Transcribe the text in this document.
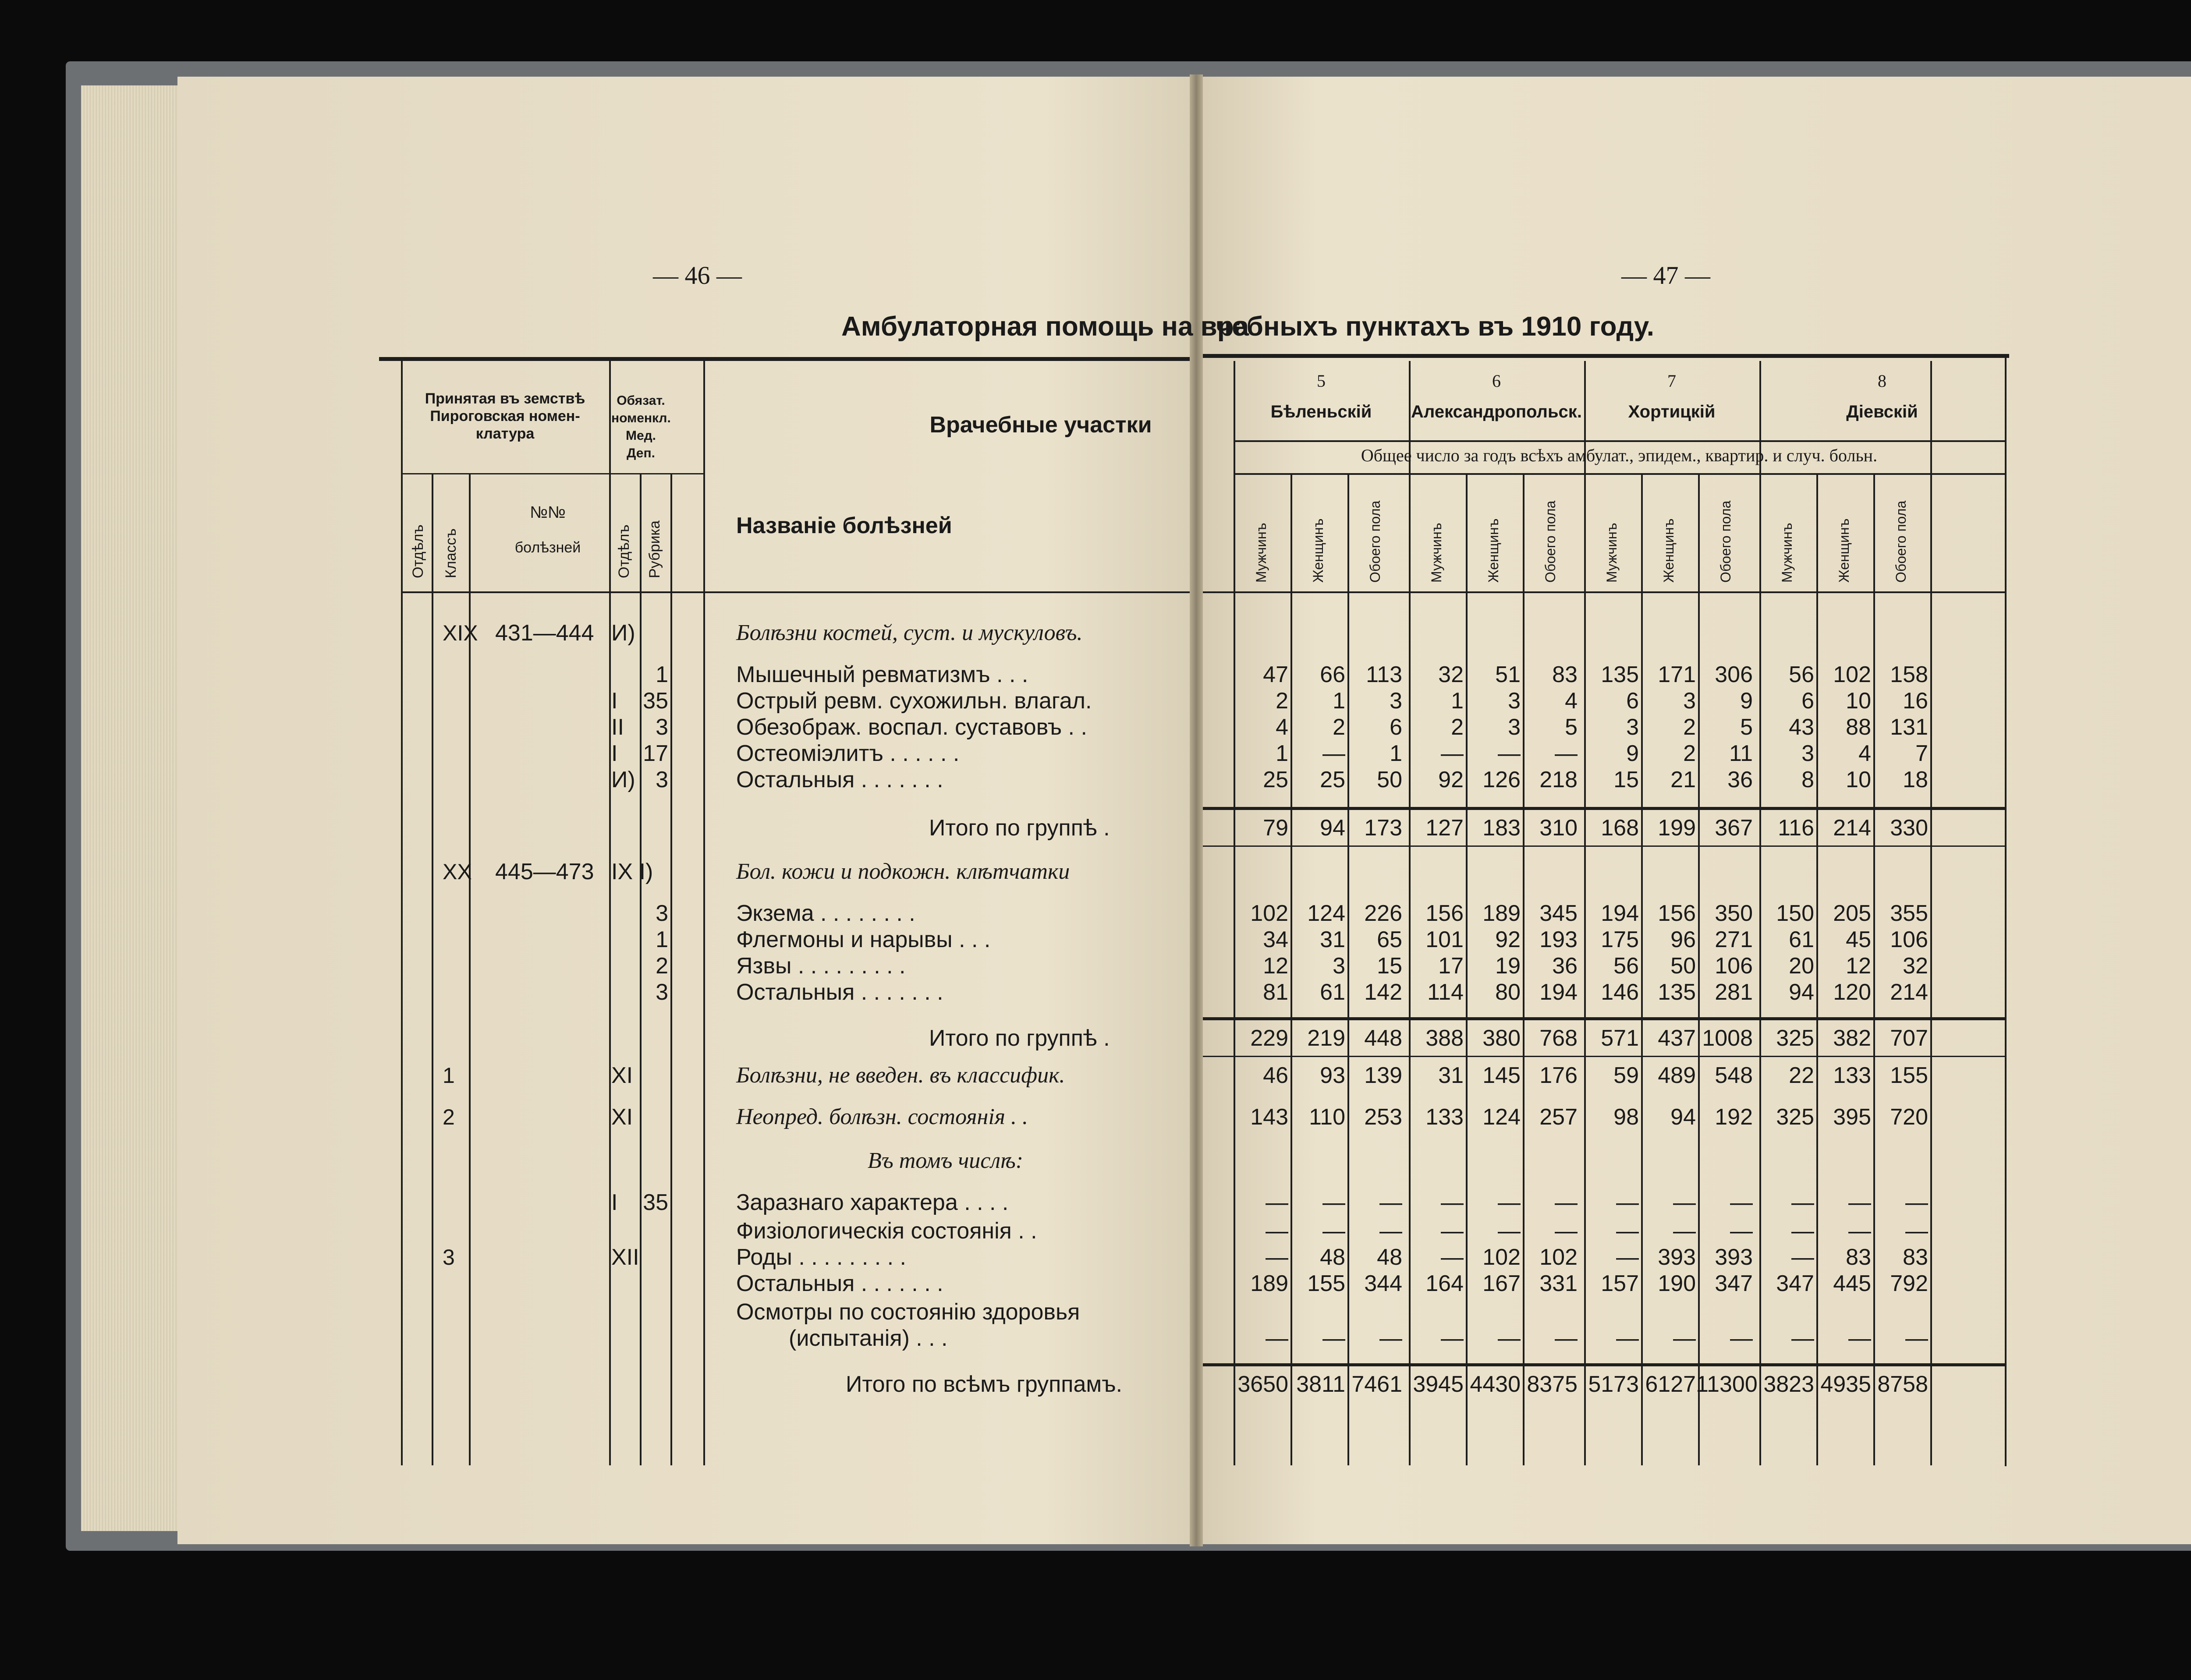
— 46 —	— 47 —
Амбулаторная помощь на вра
чебныхъ пунктахъ въ 1910 году.
Принятая въ земствѣ Пироговская номен-клатура
Обязат. номенкл. Мед. Деп.
Врачебные участки
Отдѣлъ Классъ
№№
болѣзней	Отдѣлъ Рубрика	Названіе болѣзней
5
Бѣленьскій
6
Александропольск.
7
Хортицкій
8
Діевскій
Общее число за годъ всѣхъ амбулат., эпидем., квартир. и случ. больн.
Мужчинъ	Женщинъ	Обоего пола	Мужчинъ	Женщинъ	Обоего пола	Мужчинъ	Женщинъ	Обоего пола	Мужчинъ	Женщинъ	Обоего пола
XIX 431—444 И)	Болѣзни костей, суст. и мускуловъ.
1	Мышечный ревматизмъ . . .	47	66 113	32	51	83	135 171 306	56 102 158
I	35	Острый ревм. сухожильн. влагал.	2	1	3	1	3	4	6	3	9	6	10	16
II	3	Обезображ. воспал. суставовъ . .	4	2	6	2	3	5	3	2	5	43	88 131
I	17	Остеоміэлитъ . . . . . .	1	—	1	—	—	—	9	2	11	3	4	7
И) 3	Остальныя . . . . . . .	25	25	50	92 126 218	15	21	36	8	10	18
Итого по группѣ .	79	94 173	127 183 310	168 199 367	116 214 330
XX 445—473 IX I)	Бол. кожи и подкожн. клѣтчатки
3	Экзема . . . . . . . .	102 124 226	156 189 345	194 156 350	150 205 355
1	Флегмоны и нарывы . . .	34	31	65	101	92 193	175	96 271	61	45 106
2	Язвы . . . . . . . . .	12	3	15	17	19	36	56	50 106	20	12	32
3	Остальныя . . . . . . .	81	61 142	114	80 194	146 135 281	94 120 214
Итого по группѣ .	229 219 448	388 380 768	571 437 1008	325 382 707
1	XI	Болѣзни, не введен. въ классифик.	46	93 139	31 145 176	59 489 548	22 133 155
2	XI	Неопред. болѣзн. состоянія . .	143 110 253	133 124 257	98	94 192	325 395 720
Въ томъ числѣ:
I	35	Заразнаго характера . . . .	—	—	—	—	—	—	—	—	—	—	—	—
Физіологическія состоянія . .	—	—	—	—	—	—	—	—	—	—	—	—
3	XII	Роды . . . . . . . . .	—	48	48	— 102 102	— 393 393	—	83	83
Остальныя . . . . . . .	189 155 344	164 167 331	157 190 347	347 445 792
Осмотры по состоянію здоровья
(испытанія) . . .	—	—	—	—	—	—	—	—	—	—	—	—
Итого по всѣмъ группамъ.	3650 3811 7461 3945 4430 8375 5173 6127 11300 3823 4935 8758
